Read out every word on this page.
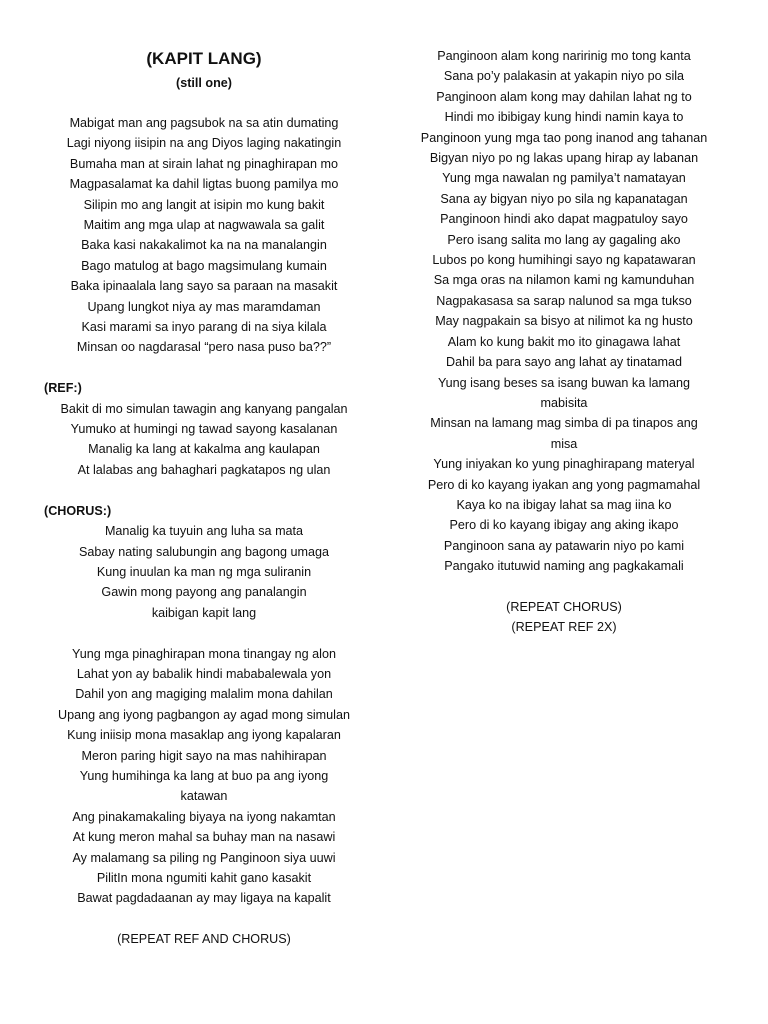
(KAPIT LANG)
(still one)
Mabigat man ang pagsubok na sa atin dumating
Lagi niyong iisipin na ang Diyos laging nakatingin
Bumaha man at sirain lahat ng pinaghirapan mo
Magpasalamat ka dahil ligtas buong pamilya mo
Silipin mo ang langit at isipin mo kung bakit
Maitim ang mga ulap at nagwawala sa galit
Baka kasi nakakalimot ka na na manalangin
Bago matulog at bago magsimulang kumain
Baka ipinaalala lang sayo sa paraan na masakit
Upang lungkot niya ay mas maramdaman
Kasi marami sa inyo parang di na siya kilala
Minsan oo nagdarasal “pero nasa puso ba??”
(REF:)
Bakit di mo simulan tawagin ang kanyang pangalan
Yumuko at humingi ng tawad sayong kasalanan
Manalig ka lang at kakalma ang kaulapan
At lalabas ang bahaghari pagkatapos ng ulan
(CHORUS:)
Manalig ka tuyuin ang luha sa mata
Sabay nating salubungin ang bagong umaga
Kung inuulan ka man ng mga suliranin
Gawin mong payong ang panalangin
kaibigan kapit lang
Yung mga pinaghirapan mona tinangay ng alon
Lahat yon ay babalik hindi mababalewala yon
Dahil yon ang magiging malalim mona dahilan
Upang ang iyong pagbangon ay agad mong simulan
Kung iniisip mona masaklap ang iyong kapalaran
Meron paring higit sayo na mas nahihirapan
Yung humihinga ka lang at buo pa ang iyong
katawan
Ang pinakamakaling biyaya na iyong nakamtan
At kung meron mahal sa buhay man na nasawi
Ay malamang sa piling ng Panginoon siya uuwi
PilitIn mona ngumiti kahit gano kasakit
Bawat pagdadaanan ay may ligaya na kapalit
(REPEAT REF AND CHORUS)
Panginoon alam kong naririnig mo tong kanta
Sana po’y palakasin at yakapin niyo po sila
Panginoon alam kong may dahilan lahat ng to
Hindi mo ibibigay kung hindi namin kaya to
Panginoon yung mga tao pong inanod ang tahanan
Bigyan niyo po ng lakas upang hirap ay labanan
Yung mga nawalan ng pamilya’t namatayan
Sana ay bigyan niyo po sila ng kapanatagan
Panginoon hindi ako dapat magpatuloy sayo
Pero isang salita mo lang ay gagaling ako
Lubos po kong humihingi sayo ng kapatawaran
Sa mga oras na nilamon kami ng kamunduhan
Nagpakasasa sa sarap nalunod sa mga tukso
May nagpakain sa bisyo at nilimot ka ng husto
Alam ko kung bakit mo ito ginagawa lahat
Dahil ba para sayo ang lahat ay tinatamad
Yung isang beses sa isang buwan ka lamang
mabisita
Minsan na lamang mag simba di pa tinapos ang
misa
Yung iniyakan ko yung pinaghirapang materyal
Pero di ko kayang iyakan ang yong pagmamahal
Kaya ko na ibigay lahat sa mag iina ko
Pero di ko kayang ibigay ang aking ikapo
Panginoon sana ay patawarin niyo po kami
Pangako itutuwid naming ang pagkakamali
(REPEAT CHORUS)
(REPEAT REF 2X)
